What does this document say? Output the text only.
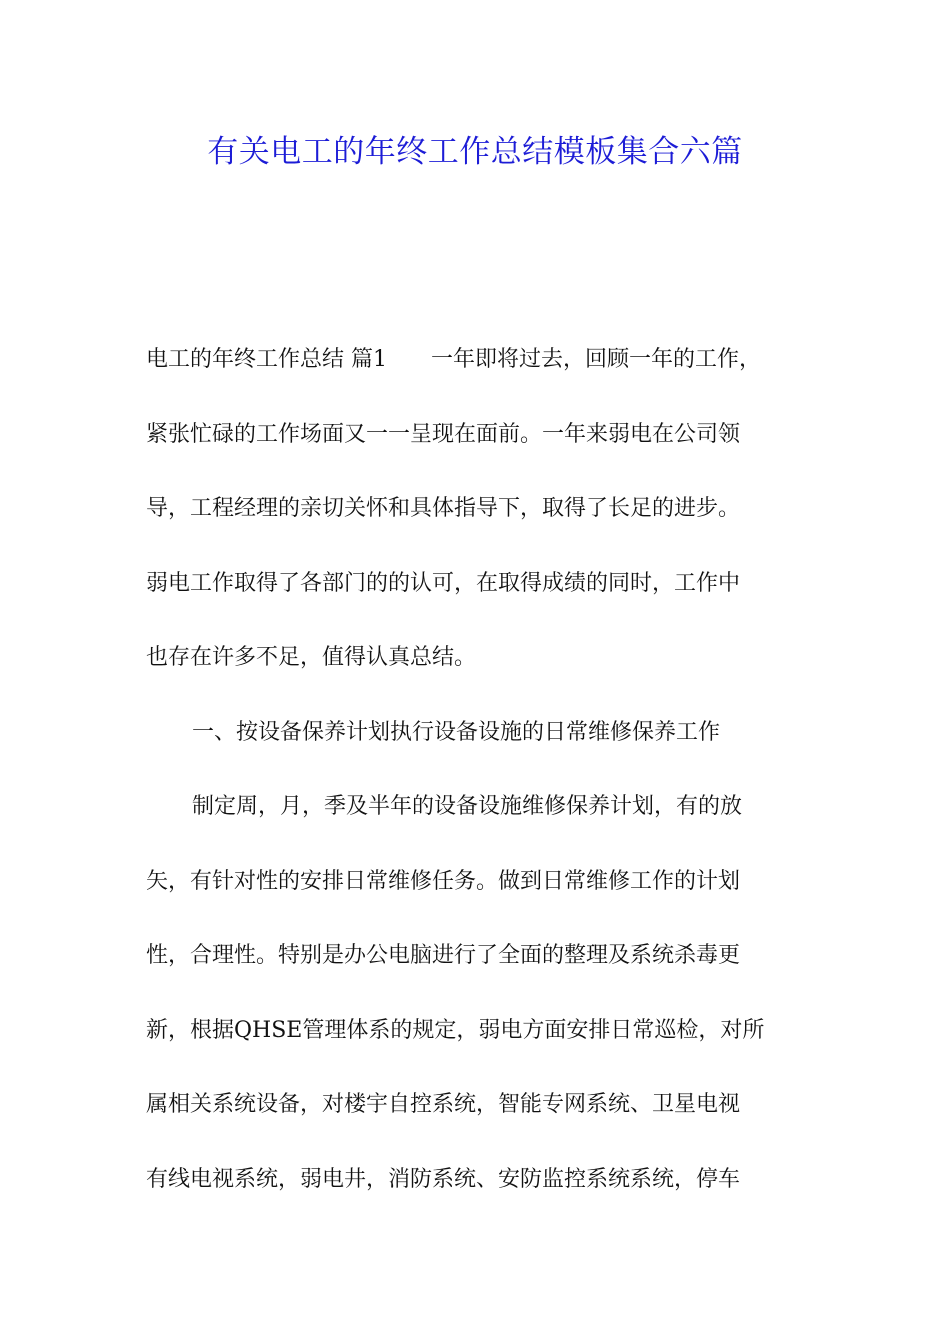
有关电工的年终工作总结模板集合六篇
电工的年终工作总结 篇1　　一年即将过去，回顾一年的工作，
紧张忙碌的工作场面又一一呈现在面前。一年来弱电在公司领
导，工程经理的亲切关怀和具体指导下，取得了长足的进步。
弱电工作取得了各部门的的认可，在取得成绩的同时，工作中
也存在许多不足，值得认真总结。
一、按设备保养计划执行设备设施的日常维修保养工作
制定周，月，季及半年的设备设施维修保养计划，有的放
矢，有针对性的安排日常维修任务。做到日常维修工作的计划
性，合理性。特别是办公电脑进行了全面的整理及系统杀毒更
新，根据QHSE管理体系的规定，弱电方面安排日常巡检，对所
属相关系统设备，对楼宇自控系统，智能专网系统、卫星电视
有线电视系统，弱电井，消防系统、安防监控系统系统，停车
